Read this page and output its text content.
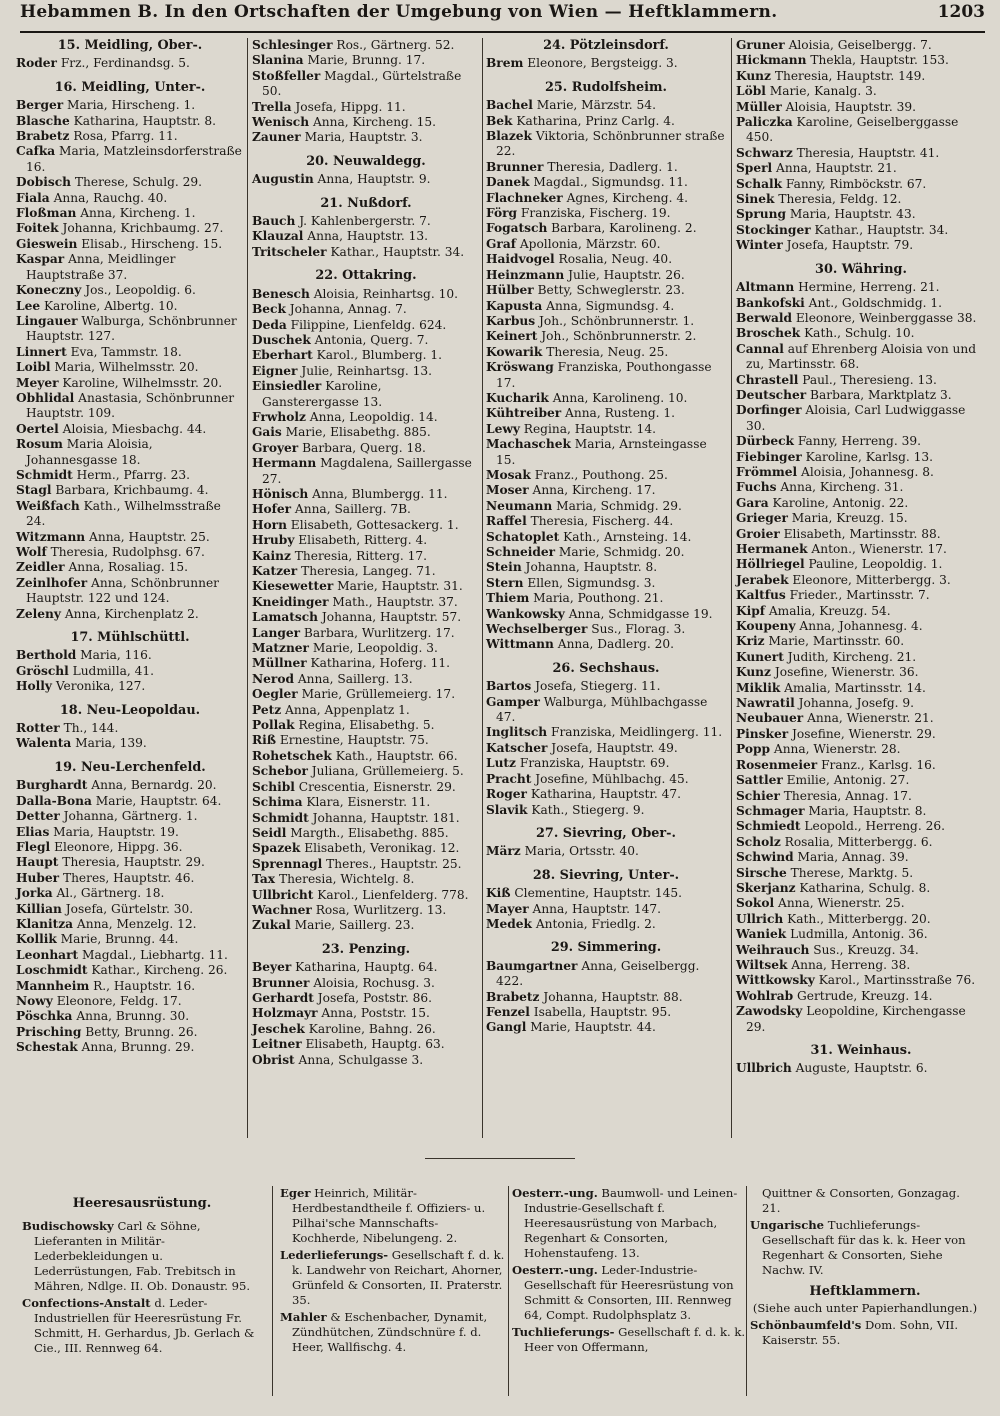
Hebammen B. In den Ortschaften der Umgebung von Wien — Heftklammern.	1203
15. Meidling, Ober-.
Roder Frz., Ferdinandsg. 5.
16. Meidling, Unter-.
Berger Maria, Hirscheng. 1.
Blasche Katharina, Hauptstr. 8.
Brabetz Rosa, Pfarrg. 11.
Cafka Maria, Matzleinsdorferstraße 16.
Dobisch Therese, Schulg. 29.
Fiala Anna, Rauchg. 40.
Floßman Anna, Kircheng. 1.
Foitek Johanna, Krichbaumg. 27.
Gieswein Elisab., Hirscheng. 15.
Kaspar Anna, Meidlinger Hauptstraße 37.
Koneczny Jos., Leopoldig. 6.
Lee Karoline, Albertg. 10.
Lingauer Walburga, Schönbrunner Hauptstr. 127.
Linnert Eva, Tammstr. 18.
Loibl Maria, Wilhelmsstr. 20.
Meyer Karoline, Wilhelmsstr. 20.
Obhlidal Anastasia, Schönbrunner Hauptstr. 109.
Oertel Aloisia, Miesbachg. 44.
Rosum Maria Aloisia, Johannesgasse 18.
Schmidt Herm., Pfarrg. 23.
Stagl Barbara, Krichbaumg. 4.
Weißfach Kath., Wilhelmsstraße 24.
Witzmann Anna, Hauptstr. 25.
Wolf Theresia, Rudolphsg. 67.
Zeidler Anna, Rosaliag. 15.
Zeinlhofer Anna, Schönbrunner Hauptstr. 122 und 124.
Zeleny Anna, Kirchenplatz 2.
17. Mühlschüttl.
Berthold Maria, 116.
Gröschl Ludmilla, 41.
Holly Veronika, 127.
18. Neu-Leopoldau.
Rotter Th., 144.
Walenta Maria, 139.
19. Neu-Lerchenfeld.
Burghardt Anna, Bernardg. 20.
Dalla-Bona Marie, Hauptstr. 64.
Detter Johanna, Gärtnerg. 1.
Elias Maria, Hauptstr. 19.
Flegl Eleonore, Hippg. 36.
Haupt Theresia, Hauptstr. 29.
Huber Theres, Hauptstr. 46.
Jorka Al., Gärtnerg. 18.
Killian Josefa, Gürtelstr. 30.
Klanitza Anna, Menzelg. 12.
Kollik Marie, Brunng. 44.
Leonhart Magdal., Liebhartg. 11.
Loschmidt Kathar., Kircheng. 26.
Mannheim R., Hauptstr. 16.
Nowy Eleonore, Feldg. 17.
Pöschka Anna, Brunng. 30.
Prisching Betty, Brunng. 26.
Schestak Anna, Brunng. 29.
Schlesinger Ros., Gärtnerg. 52.
Slanina Marie, Brunng. 17.
Stoßfeller Magdal., Gürtelstraße 50.
Trella Josefa, Hippg. 11.
Wenisch Anna, Kircheng. 15.
Zauner Maria, Hauptstr. 3.
20. Neuwaldegg.
Augustin Anna, Hauptstr. 9.
21. Nußdorf.
Bauch J. Kahlenbergerstr. 7.
Klauzal Anna, Hauptstr. 13.
Tritscheler Kathar., Hauptstr. 34.
22. Ottakring.
Benesch Aloisia, Reinhartsg. 10.
Beck Johanna, Annag. 7.
Deda Filippine, Lienfeldg. 624.
Duschek Antonia, Querg. 7.
Eberhart Karol., Blumberg. 1.
Eigner Julie, Reinhartsg. 13.
Einsiedler Karoline, Gansterergasse 13.
Frwholz Anna, Leopoldig. 14.
Gais Marie, Elisabethg. 885.
Groyer Barbara, Querg. 18.
Hermann Magdalena, Saillergasse 27.
Hönisch Anna, Blumbergg. 11.
Hofer Anna, Saillerg. 7B.
Horn Elisabeth, Gottesackerg. 1.
Hruby Elisabeth, Ritterg. 4.
Kainz Theresia, Ritterg. 17.
Katzer Theresia, Langeg. 71.
Kiesewetter Marie, Hauptstr. 31.
Kneidinger Math., Hauptstr. 37.
Lamatsch Johanna, Hauptstr. 57.
Langer Barbara, Wurlitzerg. 17.
Matzner Marie, Leopoldig. 3.
Müllner Katharina, Hoferg. 11.
Nerod Anna, Saillerg. 13.
Oegler Marie, Grüllemeierg. 17.
Petz Anna, Appenplatz 1.
Pollak Regina, Elisabethg. 5.
Riß Ernestine, Hauptstr. 75.
Rohetschek Kath., Hauptstr. 66.
Schebor Juliana, Grüllemeierg. 5.
Schibl Crescentia, Eisnerstr. 29.
Schima Klara, Eisnerstr. 11.
Schmidt Johanna, Hauptstr. 181.
Seidl Margth., Elisabethg. 885.
Spazek Elisabeth, Veronikag. 12.
Sprennagl Theres., Hauptstr. 25.
Tax Theresia, Wichtelg. 8.
Ullbricht Karol., Lienfelderg. 778.
Wachner Rosa, Wurlitzerg. 13.
Zukal Marie, Saillerg. 23.
23. Penzing.
Beyer Katharina, Hauptg. 64.
Brunner Aloisia, Rochusg. 3.
Gerhardt Josefa, Poststr. 86.
Holzmayr Anna, Poststr. 15.
Jeschek Karoline, Bahng. 26.
Leitner Elisabeth, Hauptg. 63.
Obrist Anna, Schulgasse 3.
24. Pötzleinsdorf.
Brem Eleonore, Bergsteigg. 3.
25. Rudolfsheim.
Bachel Marie, Märzstr. 54.
Bek Katharina, Prinz Carlg. 4.
Blazek Viktoria, Schönbrunner straße 22.
Brunner Theresia, Dadlerg. 1.
Danek Magdal., Sigmundsg. 11.
Flachneker Agnes, Kircheng. 4.
Förg Franziska, Fischerg. 19.
Fogatsch Barbara, Karolineng. 2.
Graf Apollonia, Märzstr. 60.
Haidvogel Rosalia, Neug. 40.
Heinzmann Julie, Hauptstr. 26.
Hülber Betty, Schweglerstr. 23.
Kapusta Anna, Sigmundsg. 4.
Karbus Joh., Schönbrunnerstr. 1.
Keinert Joh., Schönbrunnerstr. 2.
Kowarik Theresia, Neug. 25.
Kröswang Franziska, Pouthongasse 17.
Kucharik Anna, Karolineng. 10.
Kühtreiber Anna, Rusteng. 1.
Lewy Regina, Hauptstr. 14.
Machaschek Maria, Arnsteingasse 15.
Mosak Franz., Pouthong. 25.
Moser Anna, Kircheng. 17.
Neumann Maria, Schmidg. 29.
Raffel Theresia, Fischerg. 44.
Schatoplet Kath., Arnsteing. 14.
Schneider Marie, Schmidg. 20.
Stein Johanna, Hauptstr. 8.
Stern Ellen, Sigmundsg. 3.
Thiem Maria, Pouthong. 21.
Wankowsky Anna, Schmidgasse 19.
Wechselberger Sus., Florag. 3.
Wittmann Anna, Dadlerg. 20.
26. Sechshaus.
Bartos Josefa, Stiegerg. 11.
Gamper Walburga, Mühlbachgasse 47.
Inglitsch Franziska, Meidlingerg. 11.
Katscher Josefa, Hauptstr. 49.
Lutz Franziska, Hauptstr. 69.
Pracht Josefine, Mühlbachg. 45.
Roger Katharina, Hauptstr. 47.
Slavik Kath., Stiegerg. 9.
27. Sievring, Ober-.
März Maria, Ortsstr. 40.
28. Sievring, Unter-.
Kiß Clementine, Hauptstr. 145.
Mayer Anna, Hauptstr. 147.
Medek Antonia, Friedlg. 2.
29. Simmering.
Baumgartner Anna, Geiselbergg. 422.
Brabetz Johanna, Hauptstr. 88.
Fenzel Isabella, Hauptstr. 95.
Gangl Marie, Hauptstr. 44.
Gruner Aloisia, Geiselbergg. 7.
Hickmann Thekla, Hauptstr. 153.
Kunz Theresia, Hauptstr. 149.
Löbl Marie, Kanalg. 3.
Müller Aloisia, Hauptstr. 39.
Paliczka Karoline, Geiselberggasse 450.
Schwarz Theresia, Hauptstr. 41.
Sperl Anna, Hauptstr. 21.
Schalk Fanny, Rimböckstr. 67.
Sinek Theresia, Feldg. 12.
Sprung Maria, Hauptstr. 43.
Stockinger Kathar., Hauptstr. 34.
Winter Josefa, Hauptstr. 79.
30. Währing.
Altmann Hermine, Herreng. 21.
Bankofski Ant., Goldschmidg. 1.
Berwald Eleonore, Weinberggasse 38.
Broschek Kath., Schulg. 10.
Cannal auf Ehrenberg Aloisia von und zu, Martinsstr. 68.
Chrastell Paul., Theresieng. 13.
Deutscher Barbara, Marktplatz 3.
Dorfinger Aloisia, Carl Ludwiggasse 30.
Dürbeck Fanny, Herreng. 39.
Fiebinger Karoline, Karlsg. 13.
Frömmel Aloisia, Johannesg. 8.
Fuchs Anna, Kircheng. 31.
Gara Karoline, Antonig. 22.
Grieger Maria, Kreuzg. 15.
Groier Elisabeth, Martinsstr. 88.
Hermanek Anton., Wienerstr. 17.
Höllriegel Pauline, Leopoldig. 1.
Jerabek Eleonore, Mitterbergg. 3.
Kaltfus Frieder., Martinsstr. 7.
Kipf Amalia, Kreuzg. 54.
Koupeny Anna, Johannesg. 4.
Kriz Marie, Martinsstr. 60.
Kunert Judith, Kircheng. 21.
Kunz Josefine, Wienerstr. 36.
Miklik Amalia, Martinsstr. 14.
Nawratil Johanna, Josefg. 9.
Neubauer Anna, Wienerstr. 21.
Pinsker Josefine, Wienerstr. 29.
Popp Anna, Wienerstr. 28.
Rosenmeier Franz., Karlsg. 16.
Sattler Emilie, Antonig. 27.
Schier Theresia, Annag. 17.
Schmager Maria, Hauptstr. 8.
Schmiedt Leopold., Herreng. 26.
Scholz Rosalia, Mitterbergg. 6.
Schwind Maria, Annag. 39.
Sirsche Therese, Marktg. 5.
Skerjanz Katharina, Schulg. 8.
Sokol Anna, Wienerstr. 25.
Ullrich Kath., Mitterbergg. 20.
Waniek Ludmilla, Antonig. 36.
Weihrauch Sus., Kreuzg. 34.
Wiltsek Anna, Herreng. 38.
Wittkowsky Karol., Martinsstraße 76.
Wohlrab Gertrude, Kreuzg. 14.
Zawodsky Leopoldine, Kirchengasse 29.
31. Weinhaus.
Ullbrich Auguste, Hauptstr. 6.
Heeresausrüstung.
Budischowsky Carl & Söhne, Lieferanten in Militär-Lederbekleidungen u. Lederrüstungen, Fab. Trebitsch in Mähren, Ndlge. II. Ob. Donaustr. 95.
Confections-Anstalt d. Leder-Industriellen für Heeresrüstung Fr. Schmitt, H. Gerhardus, Jb. Gerlach & Cie., III. Rennweg 64.
Eger Heinrich, Militär-Herdbestandtheile f. Offiziers- u. Pilhai'sche Mannschafts-Kochherde, Nibelungeng. 2.
Lederlieferungs- Gesellschaft f. d. k. k. Landwehr von Reichart, Ahorner, Grünfeld & Consorten, II. Praterstr. 35.
Mahler & Eschenbacher, Dynamit, Zündhütchen, Zündschnüre f. d. Heer, Wallfischg. 4.
Oesterr.-ung. Baumwoll- und Leinen-Industrie-Gesellschaft f. Heeresausrüstung von Marbach, Regenhart & Consorten, Hohenstaufeng. 13.
Oesterr.-ung. Leder-Industrie-Gesellschaft für Heeresrüstung von Schmitt & Consorten, III. Rennweg 64, Compt. Rudolphsplatz 3.
Tuchlieferungs- Gesellschaft f. d. k. k. Heer von Offermann,
Quittner & Consorten, Gonzagag. 21.
Ungarische Tuchlieferungs-Gesellschaft für das k. k. Heer von Regenhart & Consorten, Siehe Nachw. IV.
Heftklammern.
(Siehe auch unter Papierhandlungen.)
Schönbaumfeld's Dom. Sohn, VII. Kaiserstr. 55.
